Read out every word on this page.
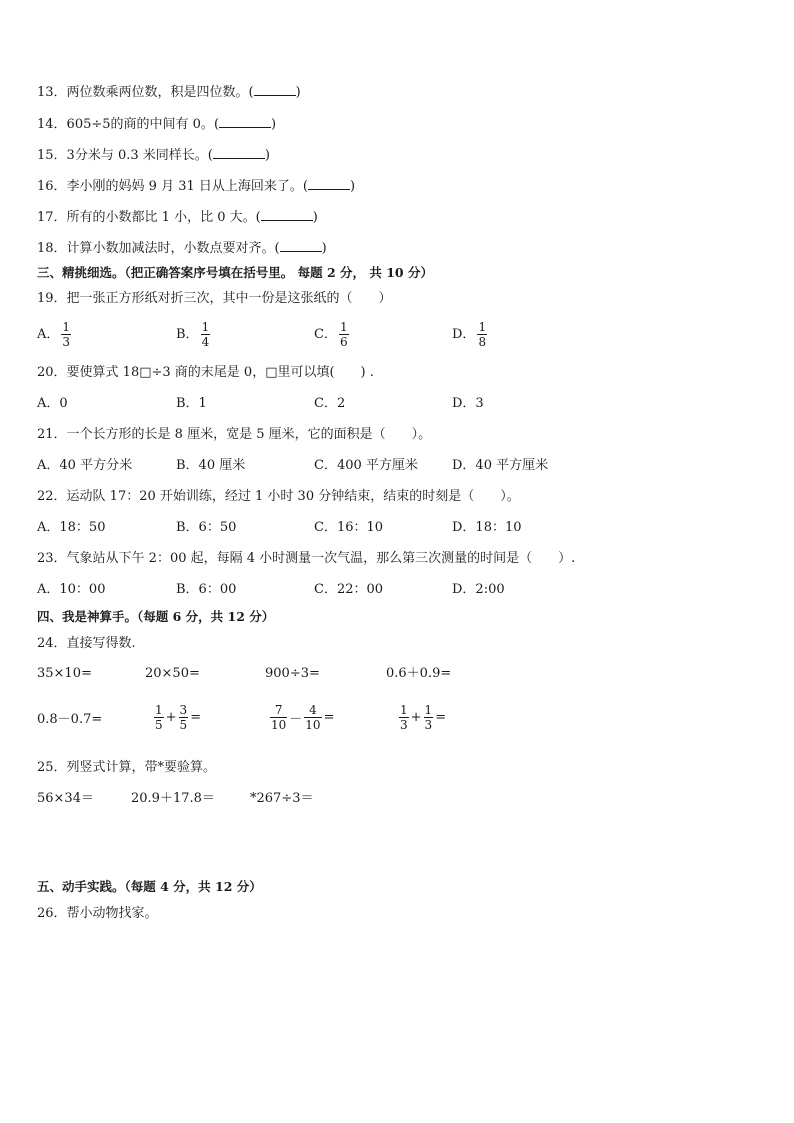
13．两位数乘两位数，积是四位数。(	)
14．605÷5的商的中间有 0。(	)
15．3分米与 0.3 米同样长。(	)
16．李小刚的妈妈 9 月 31 日从上海回来了。(	)
17．所有的小数都比 1 小，比 0 大。(	)
18．计算小数加减法时，小数点要对齐。(	)
三、精挑细选。（把正确答案序号填在括号里。 每题 2 分， 共 10 分）
19．把一张正方形纸对折三次，其中一份是这张纸的（　　）
A． $\frac{1}{3}$	B． $\frac{1}{4}$	C． $\frac{1}{6}$	D． $\frac{1}{8}$
20．要使算式 18□÷3 商的末尾是 0，□里可以填(　　) .
A．0	B．1	C．2	D．3
21．一个长方形的长是 8 厘米，宽是 5 厘米，它的面积是（　　）。
A．40 平方分米	B．40 厘米	C．400 平方厘米	D．40 平方厘米
22．运动队 17：20 开始训练，经过 1 小时 30 分钟结束，结束的时刻是（　　）。
A．18：50	B．6：50	C．16：10	D．18：10
23．气象站从下午 2：00 起，每隔 4 小时测量一次气温，那么第三次测量的时间是（　　）.
A．10：00	B．6：00	C．22：00	D．2:00
四、我是神算手。（每题 6 分，共 12 分）
24．直接写得数.
35×10=	20×50=	900÷3=	0.6＋0.9=
0.8－0.7=	$\frac{1}{5} + \frac{3}{5}$ =	$\frac{7}{10} - \frac{4}{10}$ =	$\frac{1}{3} + \frac{1}{3}$ =
25．列竖式计算，带*要验算。
56×34＝	20.9＋17.8＝	*267÷3＝
五、动手实践。（每题 4 分，共 12 分）
26．帮小动物找家。
